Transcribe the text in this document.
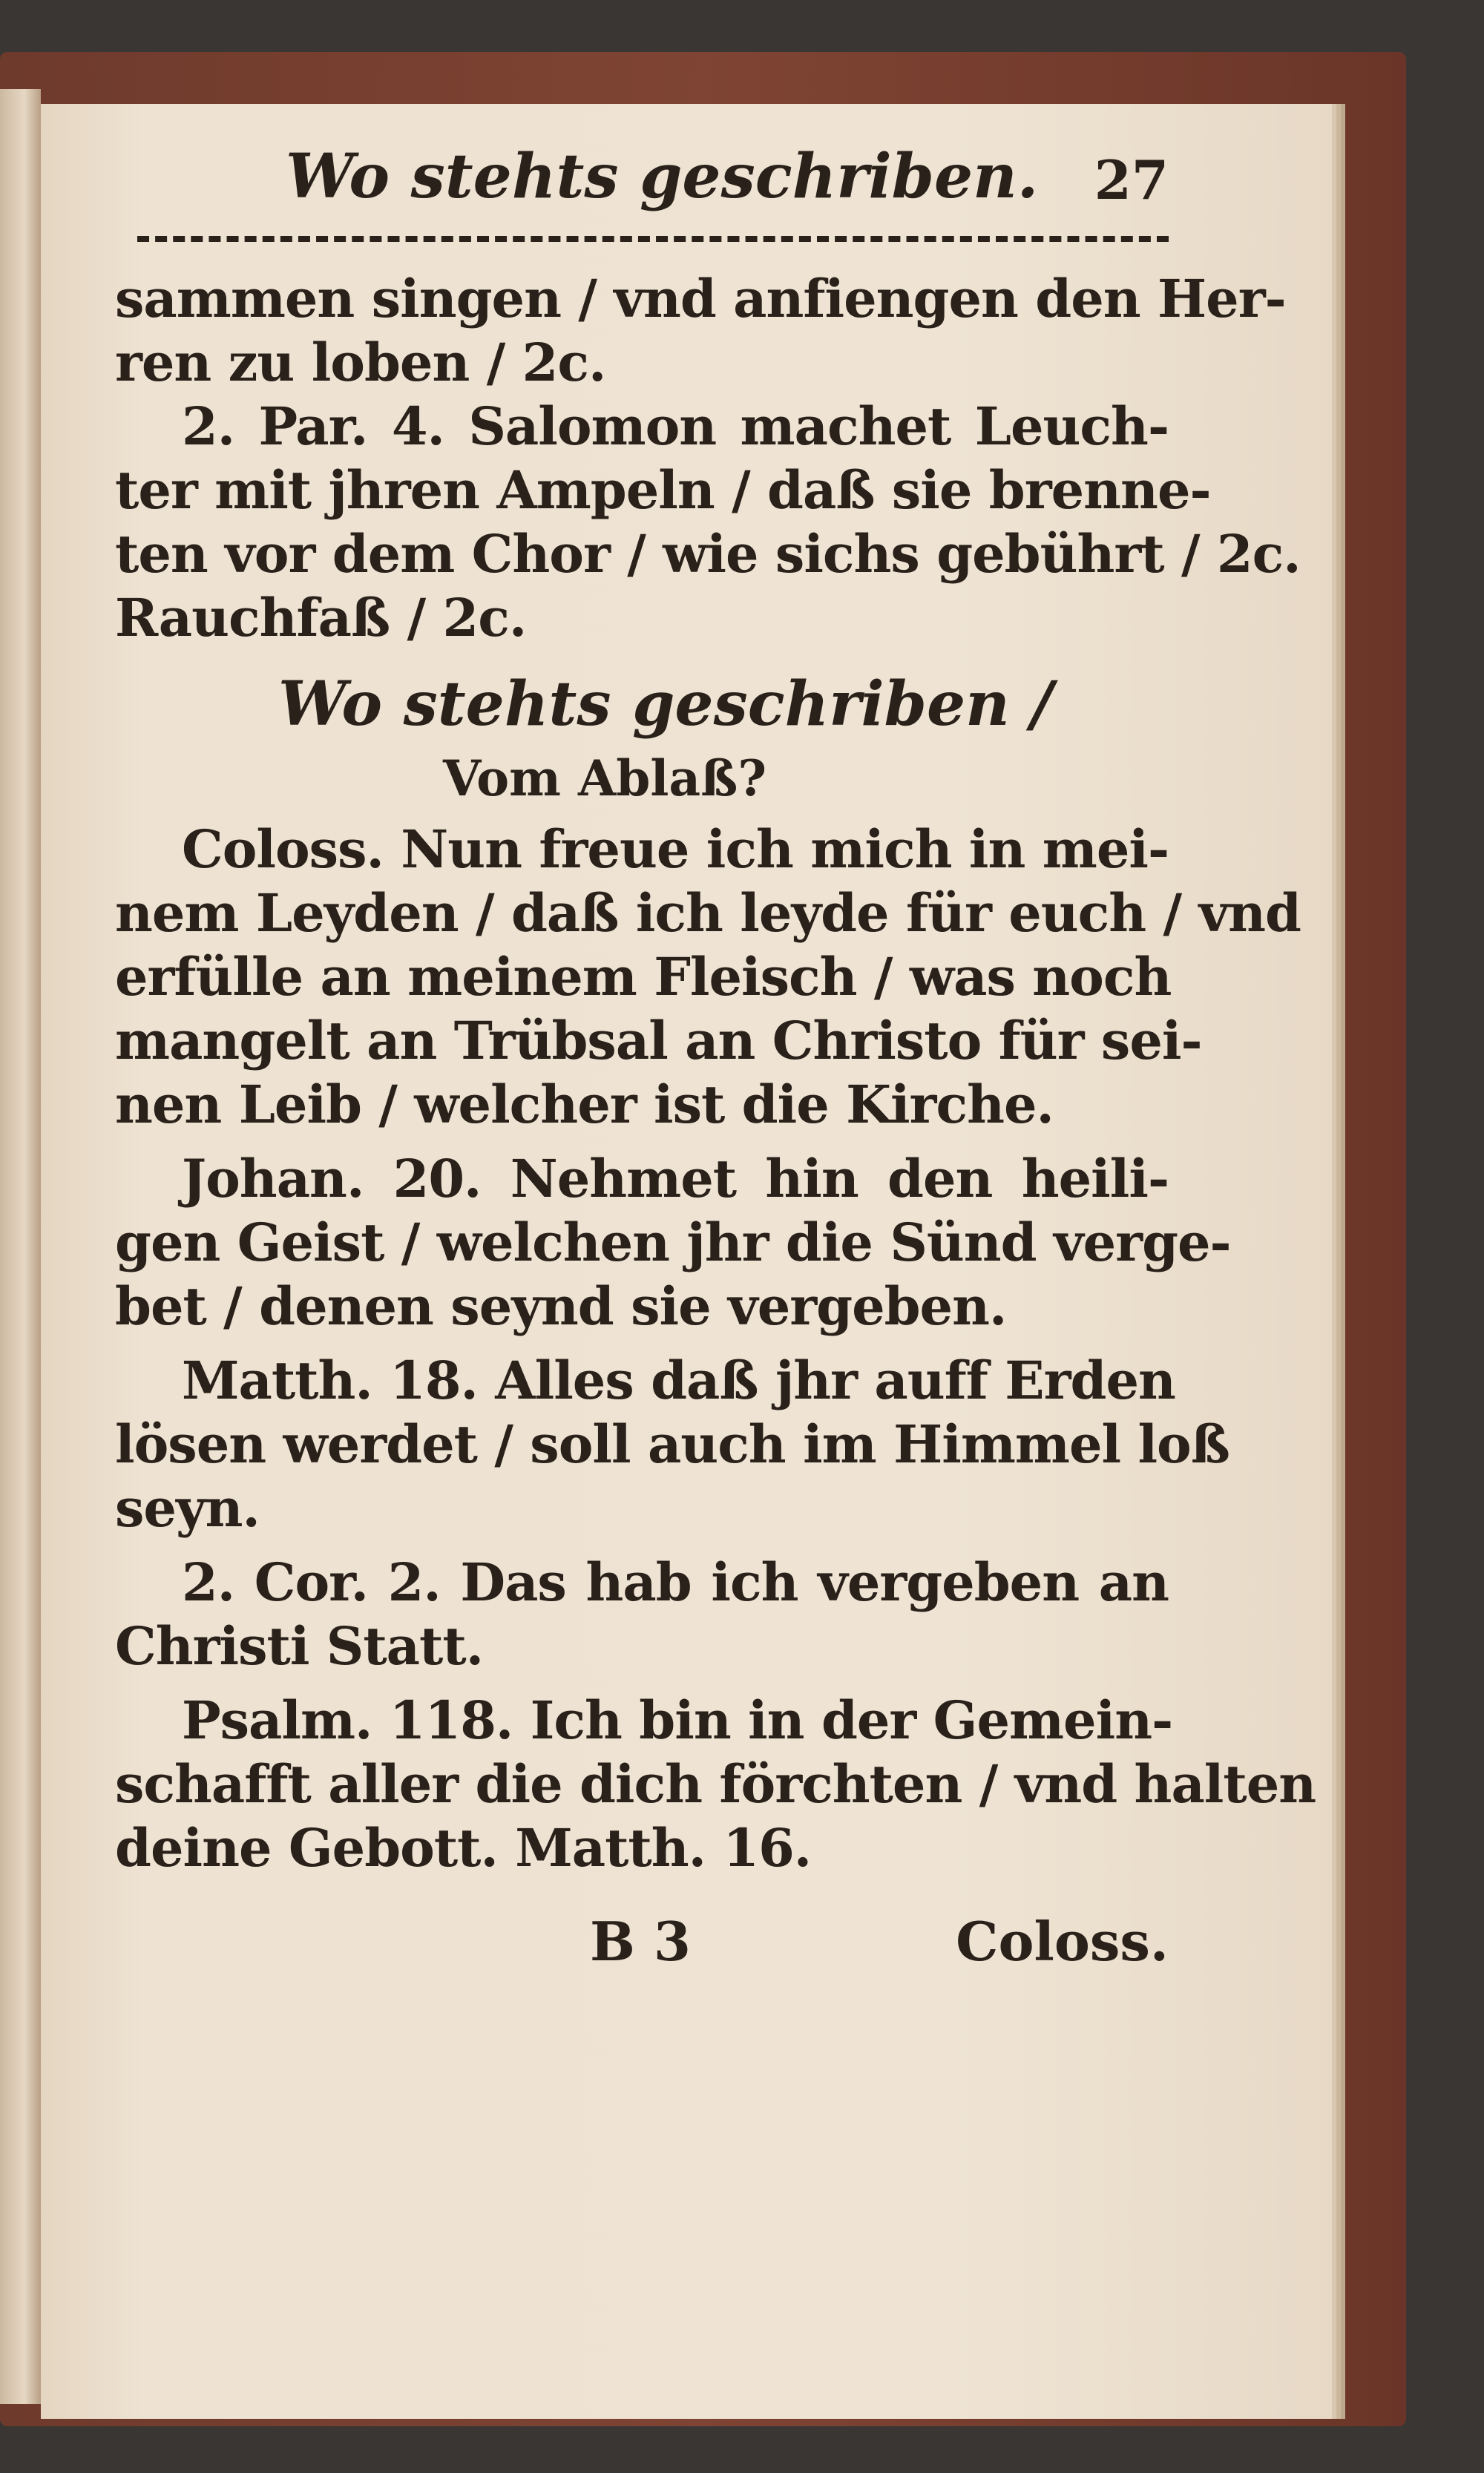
Wo stehts geschriben. 27
sammen singen / vnd anfiengen den Her-
ren zu loben / 2c.
2. Par. 4. Salomon machet Leuch-
ter mit jhren Ampeln / daß sie brenne-
ten vor dem Chor / wie sichs gebührt / 2c.
Rauchfaß / 2c.
Wo stehts geschriben /
Vom Ablaß?
Coloss. Nun freue ich mich in mei-
nem Leyden / daß ich leyde für euch / vnd
erfülle an meinem Fleisch / was noch
mangelt an Trübsal an Christo für sei-
nen Leib / welcher ist die Kirche.
Johan. 20. Nehmet hin den heili-
gen Geist / welchen jhr die Sünd verge-
bet / denen seynd sie vergeben.
Matth. 18. Alles daß jhr auff Erden
lösen werdet / soll auch im Himmel loß
seyn.
2. Cor. 2. Das hab ich vergeben an
Christi Statt.
Psalm. 118. Ich bin in der Gemein-
schafft aller die dich förchten / vnd halten
deine Gebott. Matth. 16.
B 3	Coloss.
